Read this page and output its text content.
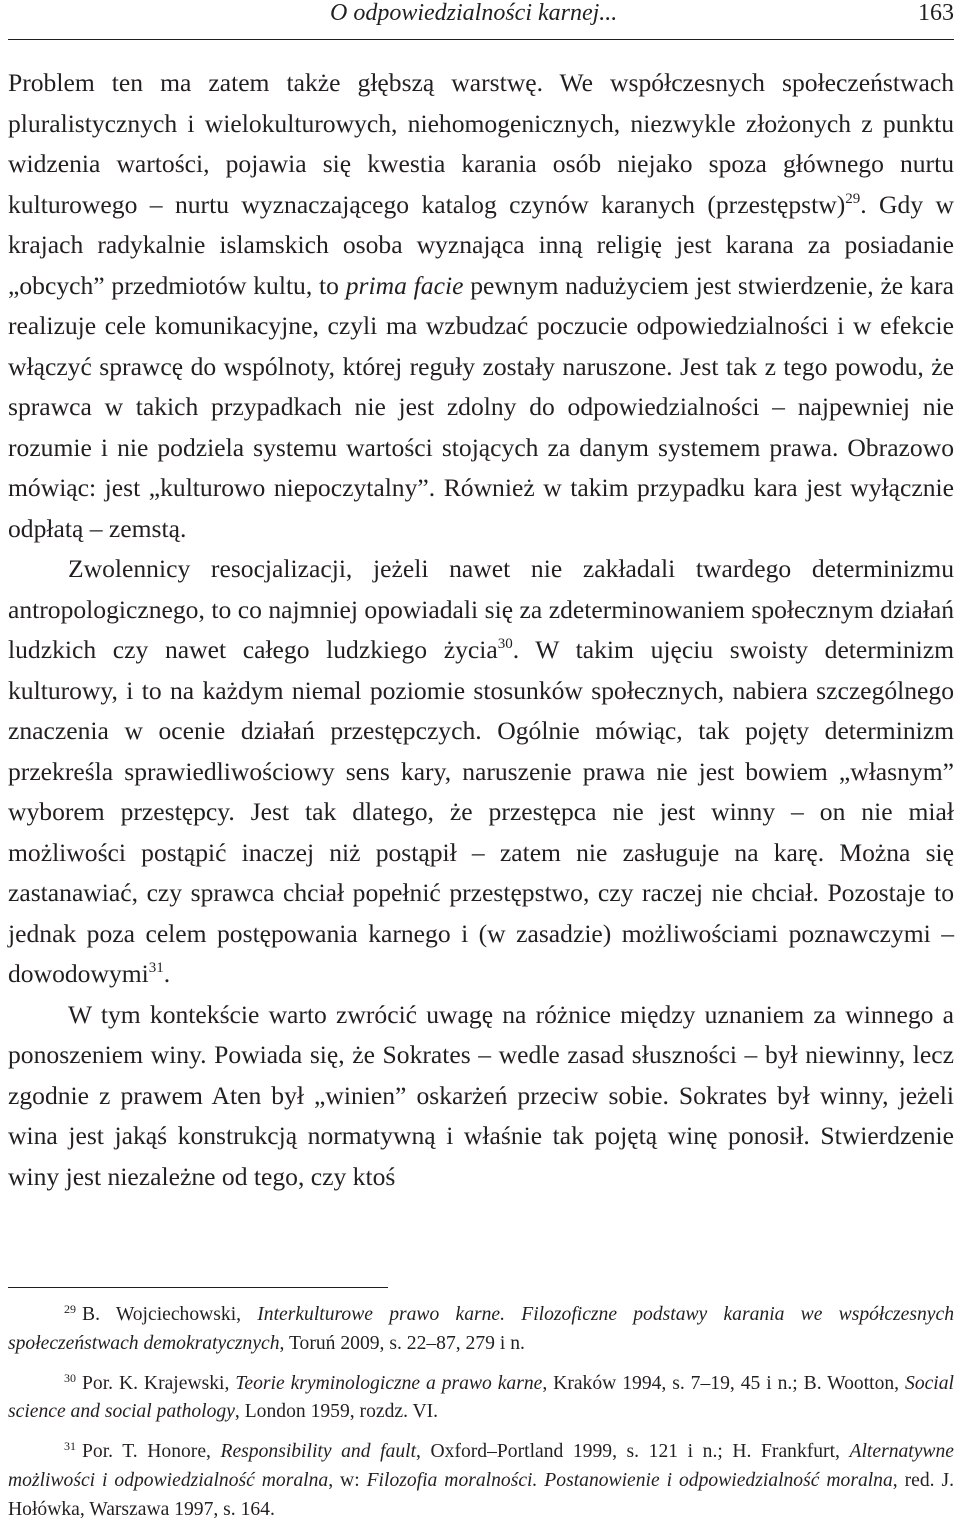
O odpowiedzialności karnej...	163

Problem ten ma zatem także głębszą warstwę. We współczesnych społeczeństwach pluralistycznych i wielokulturowych, niehomogenicznych, niezwykle złożonych z punktu widzenia wartości, pojawia się kwestia karania osób niejako spoza głównego nurtu kulturowego – nurtu wyznaczającego katalog czynów karanych (przestępstw)$^{29}$. Gdy w krajach radykalnie islamskich osoba wyznająca inną religię jest karana za posiadanie „obcych” przedmiotów kultu, to prima facie pewnym nadużyciem jest stwierdzenie, że kara realizuje cele komunikacyjne, czyli ma wzbudzać poczucie odpowiedzialności i w efekcie włączyć sprawcę do wspólnoty, której reguły zostały naruszone. Jest tak z tego powodu, że sprawca w takich przypadkach nie jest zdolny do odpowiedzialności – najpewniej nie rozumie i nie podziela systemu wartości stojących za danym systemem prawa. Obrazowo mówiąc: jest „kulturowo niepoczytalny”. Również w takim przypadku kara jest wyłącznie odpłatą – zemstą.

Zwolennicy resocjalizacji, jeżeli nawet nie zakładali twardego determinizmu antropologicznego, to co najmniej opowiadali się za zdeterminowaniem społecznym działań ludzkich czy nawet całego ludzkiego życia$^{30}$. W takim ujęciu swoisty determinizm kulturowy, i to na każdym niemal poziomie stosunków społecznych, nabiera szczególnego znaczenia w ocenie działań przestępczych. Ogólnie mówiąc, tak pojęty determinizm przekreśla sprawiedliwościowy sens kary, naruszenie prawa nie jest bowiem „własnym” wyborem przestępcy. Jest tak dlatego, że przestępca nie jest winny – on nie miał możliwości postąpić inaczej niż postąpił – zatem nie zasługuje na karę. Można się zastanawiać, czy sprawca chciał popełnić przestępstwo, czy raczej nie chciał. Pozostaje to jednak poza celem postępowania karnego i (w zasadzie) możliwościami poznawczymi – dowodowymi$^{31}$.

W tym kontekście warto zwrócić uwagę na różnice między uznaniem za winnego a ponoszeniem winy. Powiada się, że Sokrates – wedle zasad słuszności – był niewinny, lecz zgodnie z prawem Aten był „winien” oskarżeń przeciw sobie. Sokrates był winny, jeżeli wina jest jakąś konstrukcją normatywną i właśnie tak pojętą winę ponosił. Stwierdzenie winy jest niezależne od tego, czy ktoś

$^{29}$ B. Wojciechowski, Interkulturowe prawo karne. Filozoficzne podstawy karania we współczesnych społeczeństwach demokratycznych, Toruń 2009, s. 22–87, 279 i n.

$^{30}$ Por. K. Krajewski, Teorie kryminologiczne a prawo karne, Kraków 1994, s. 7–19, 45 i n.; B. Wootton, Social science and social pathology, London 1959, rozdz. VI.

$^{31}$ Por. T. Honore, Responsibility and fault, Oxford–Portland 1999, s. 121 i n.; H. Frankfurt, Alternatywne możliwości i odpowiedzialność moralna, w: Filozofia moralności. Postanowienie i odpowiedzialność moralna, red. J. Hołówka, Warszawa 1997, s. 164.
